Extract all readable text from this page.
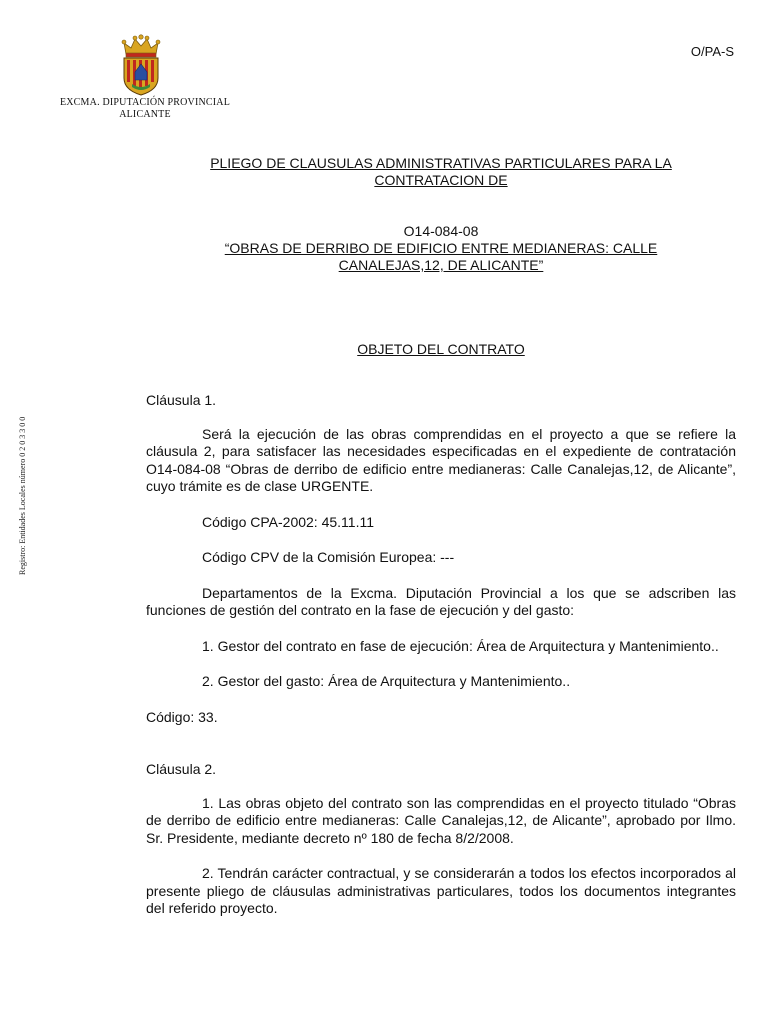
O/PA-S
EXCMA. DIPUTACIÓN PROVINCIAL
ALICANTE
Registro: Entidades Locales número 0 2 0 3 3 0 0
PLIEGO DE CLAUSULAS ADMINISTRATIVAS PARTICULARES PARA LA
CONTRATACION DE
O14-084-08
“OBRAS DE DERRIBO DE EDIFICIO ENTRE MEDIANERAS: CALLE
CANALEJAS,12, DE ALICANTE”
OBJETO DEL CONTRATO

Cláusula 1.

Será la ejecución de las obras comprendidas en el proyecto a que se refiere la cláusula 2, para satisfacer las necesidades especificadas en el expediente de contratación O14-084-08 “Obras de derribo de edificio entre medianeras: Calle Canalejas,12, de Alicante”, cuyo trámite es de clase URGENTE.

Código CPA-2002: 45.11.11

Código CPV de la Comisión Europea: ---

Departamentos de la Excma. Diputación Provincial a los que se adscriben las funciones de gestión del contrato en la fase de ejecución y del gasto:

1. Gestor del contrato en fase de ejecución: Área de Arquitectura y Mantenimiento..

2. Gestor del gasto: Área de Arquitectura y Mantenimiento..

Código: 33.

Cláusula 2.

1. Las obras objeto del contrato son las comprendidas en el proyecto titulado “Obras de derribo de edificio entre medianeras: Calle Canalejas,12, de Alicante”, aprobado por Ilmo. Sr. Presidente, mediante decreto nº 180 de fecha 8/2/2008.

2. Tendrán carácter contractual, y se considerarán a todos los efectos incorporados al presente pliego de cláusulas administrativas particulares, todos los documentos integrantes del referido proyecto.
